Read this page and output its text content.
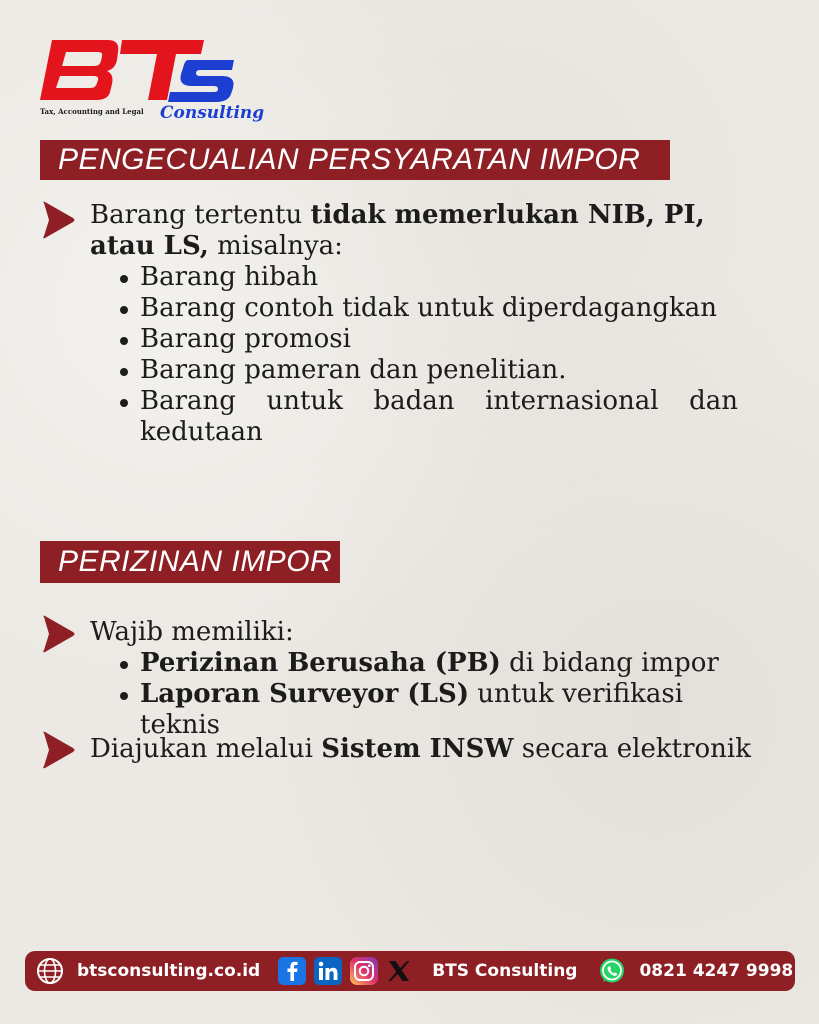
Tax, Accounting and Legal Consulting
PENGECUALIAN PERSYARATAN IMPOR
Barang tertentu tidak memerlukan NIB, PI, atau LS, misalnya:
Barang hibah
Barang contoh tidak untuk diperdagangkan
Barang promosi
Barang pameran dan penelitian.
Barang untuk badan internasional dan kedutaan
PERIZINAN IMPOR
Wajib memiliki:
Perizinan Berusaha (PB) di bidang impor
Laporan Surveyor (LS) untuk verifikasi teknis
Diajukan melalui Sistem INSW secara elektronik
btsconsulting.co.id	BTS Consulting	0821 4247 9998
